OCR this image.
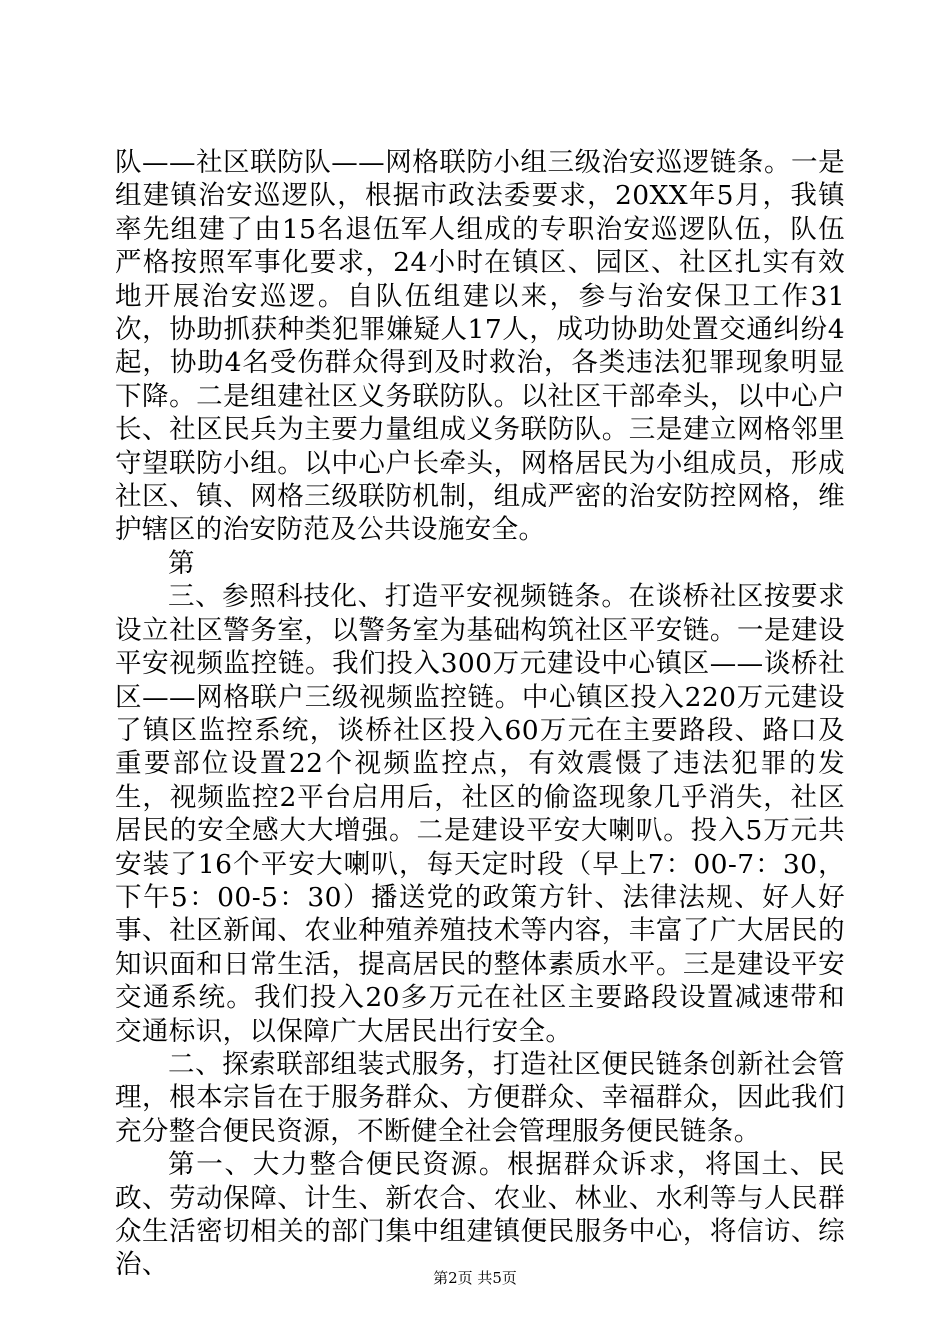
队——社区联防队——网格联防小组三级治安巡逻链条。一是组建镇治安巡逻队，根据市政法委要求，20XX年5月，我镇率先组建了由15名退伍军人组成的专职治安巡逻队伍，队伍严格按照军事化要求，24小时在镇区、园区、社区扎实有效地开展治安巡逻。自队伍组建以来，参与治安保卫工作31次，协助抓获种类犯罪嫌疑人17人，成功协助处置交通纠纷4起，协助4名受伤群众得到及时救治，各类违法犯罪现象明显下降。二是组建社区义务联防队。以社区干部牵头，以中心户长、社区民兵为主要力量组成义务联防队。三是建立网格邻里守望联防小组。以中心户长牵头，网格居民为小组成员，形成社区、镇、网格三级联防机制，组成严密的治安防控网格，维护辖区的治安防范及公共设施安全。

第

三、参照科技化、打造平安视频链条。在谈桥社区按要求设立社区警务室，以警务室为基础构筑社区平安链。一是建设平安视频监控链。我们投入300万元建设中心镇区——谈桥社区——网格联户三级视频监控链。中心镇区投入220万元建设了镇区监控系统，谈桥社区投入60万元在主要路段、路口及重要部位设置22个视频监控点，有效震慑了违法犯罪的发生，视频监控2平台启用后，社区的偷盗现象几乎消失，社区居民的安全感大大增强。二是建设平安大喇叭。投入5万元共安装了16个平安大喇叭，每天定时段（早上7：00-7：30，下午5：00-5：30）播送党的政策方针、法律法规、好人好事、社区新闻、农业种殖养殖技术等内容，丰富了广大居民的知识面和日常生活，提高居民的整体素质水平。三是建设平安交通系统。我们投入20多万元在社区主要路段设置减速带和交通标识，以保障广大居民出行安全。

二、探索联部组装式服务，打造社区便民链条创新社会管理，根本宗旨在于服务群众、方便群众、幸福群众，因此我们充分整合便民资源，不断健全社会管理服务便民链条。

第一、大力整合便民资源。根据群众诉求，将国土、民政、劳动保障、计生、新农合、农业、林业、水利等与人民群众生活密切相关的部门集中组建镇便民服务中心，将信访、综治、	第2页 共5页
